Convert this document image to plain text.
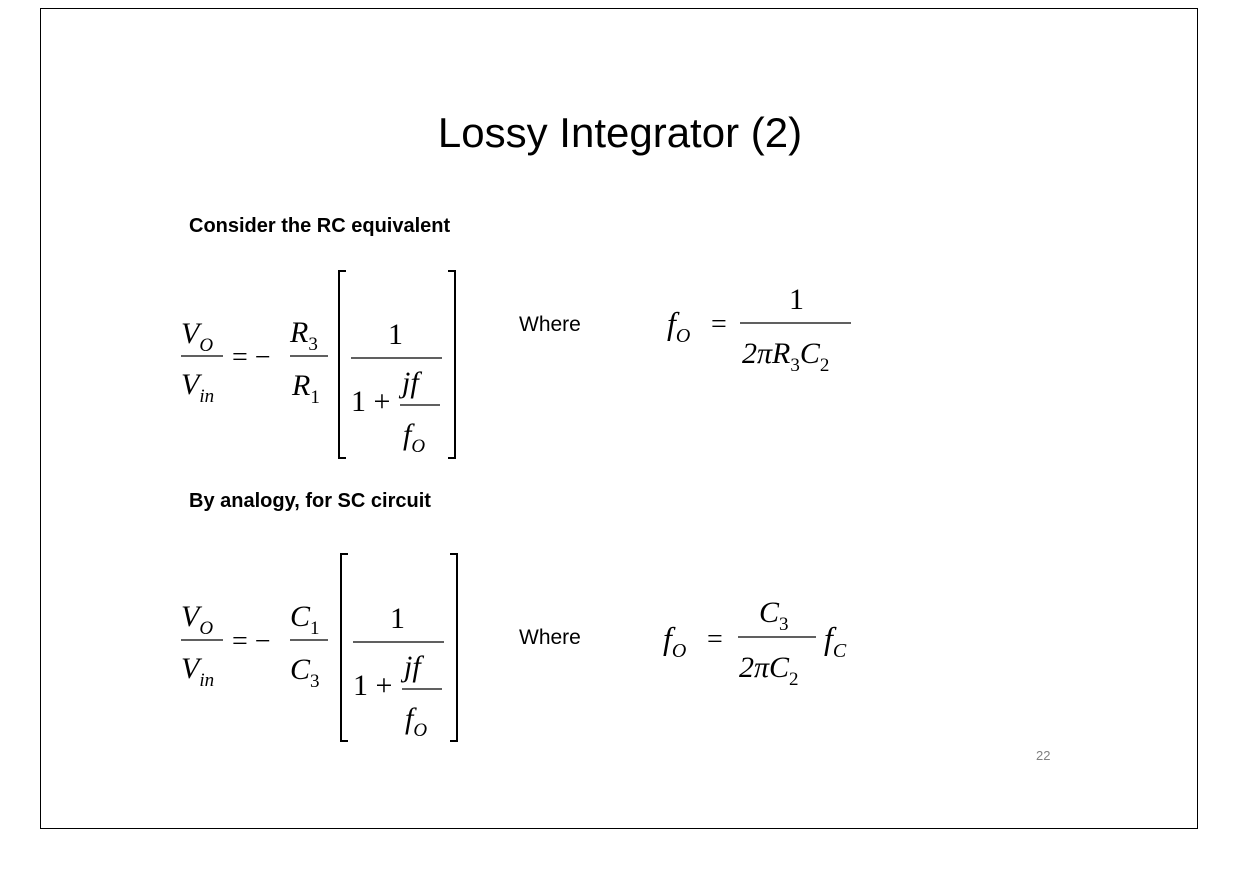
Lossy Integrator (2)
Consider the RC equivalent
$V_O$
$V_{in}$
= −
$R_3$
$R_1$
1
1 +
jf
$f_O$
$f_O$ =
1
$2\pi R_3C_2$
Where
By analogy, for SC circuit
$V_O$
$V_{in}$
= −
$C_1$
$C_3$
1
1 +
jf
$f_O$
$f_O$ =
$C_3$
$2\pi C_2$
$f_C$
Where
22
